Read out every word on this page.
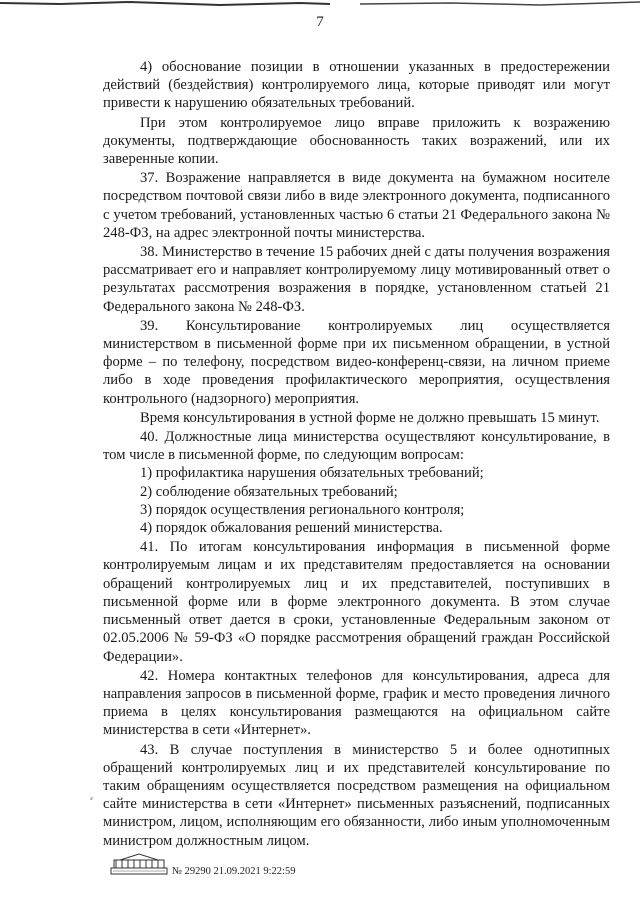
7

4) обоснование позиции в отношении указанных в предостережении действий (бездействия) контролируемого лица, которые приводят или могут привести к нарушению обязательных требований.

При этом контролируемое лицо вправе приложить к возражению документы, подтверждающие обоснованность таких возражений, или их заверенные копии.

37. Возражение направляется в виде документа на бумажном носителе посредством почтовой связи либо в виде электронного документа, подписанного с учетом требований, установленных частью 6 статьи 21 Федерального закона № 248-ФЗ, на адрес электронной почты министерства.

38. Министерство в течение 15 рабочих дней с даты получения возражения рассматривает его и направляет контролируемому лицу мотивированный ответ о результатах рассмотрения возражения в порядке, установленном статьей 21 Федерального закона № 248-ФЗ.

39. Консультирование контролируемых лиц осуществляется министерством в письменной форме при их письменном обращении, в устной форме – по телефону, посредством видео-конференц-связи, на личном приеме либо в ходе проведения профилактического мероприятия, осуществления контрольного (надзорного) мероприятия.

Время консультирования в устной форме не должно превышать 15 минут.

40. Должностные лица министерства осуществляют консультирование, в том числе в письменной форме, по следующим вопросам:

1) профилактика нарушения обязательных требований;

2) соблюдение обязательных требований;

3) порядок осуществления регионального контроля;

4) порядок обжалования решений министерства.

41. По итогам консультирования информация в письменной форме контролируемым лицам и их представителям предоставляется на основании обращений контролируемых лиц и их представителей, поступивших в письменной форме или в форме электронного документа. В этом случае письменный ответ дается в сроки, установленные Федеральным законом от 02.05.2006 № 59-ФЗ «О порядке рассмотрения обращений граждан Российской Федерации».

42. Номера контактных телефонов для консультирования, адреса для направления запросов в письменной форме, график и место проведения личного приема в целях консультирования размещаются на официальном сайте министерства в сети «Интернет».

43. В случае поступления в министерство 5 и более однотипных обращений контролируемых лиц и их представителей консультирование по таким обращениям осуществляется посредством размещения на официальном сайте министерства в сети «Интернет» письменных разъяснений, подписанных министром, лицом, исполняющим его обязанности, либо иным уполномоченным министром должностным лицом.

⸗
№ 29290 21.09.2021 9:22:59
